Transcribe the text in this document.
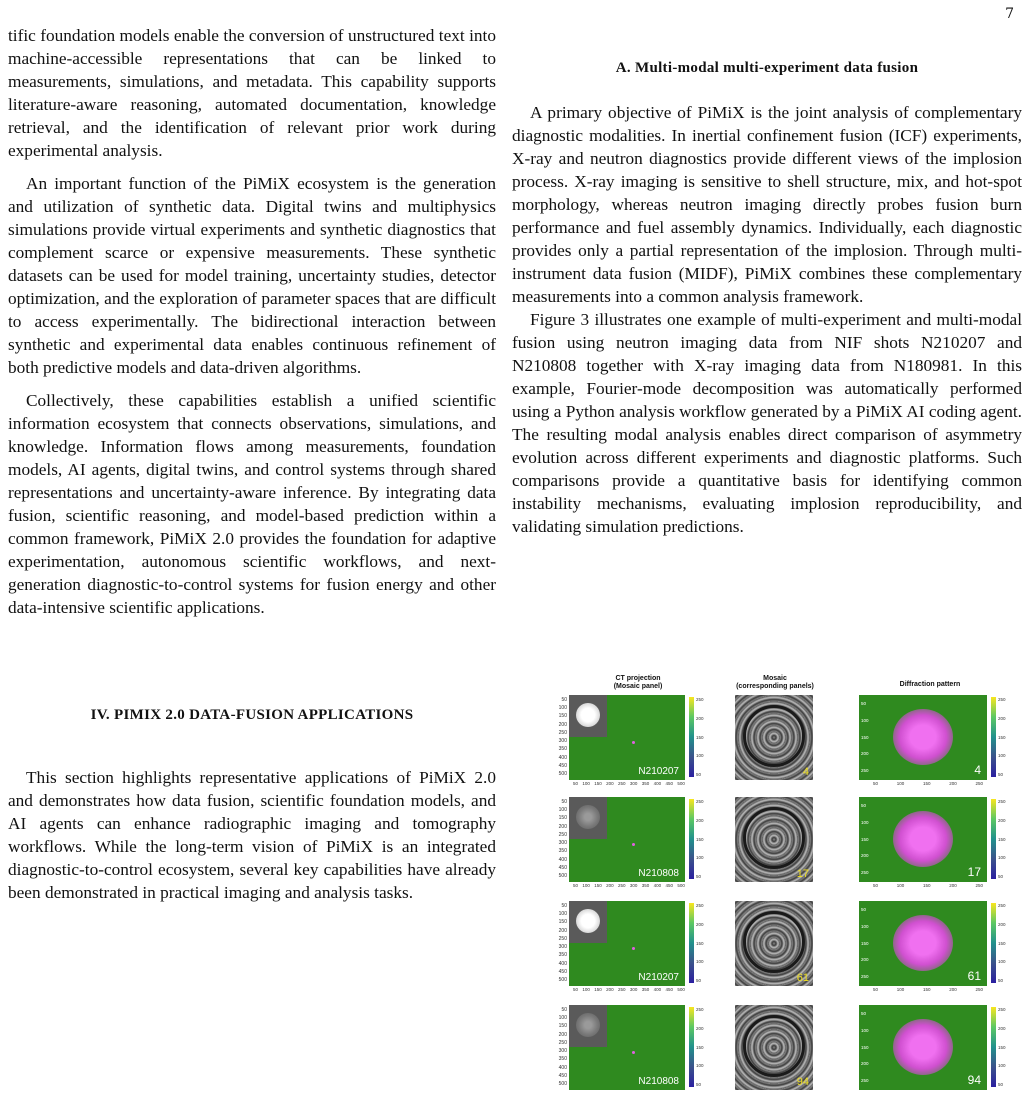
7

tific foundation models enable the conversion of unstructured text into machine-accessible representations that can be linked to measurements, simulations, and metadata. This capability supports literature-aware reasoning, automated documentation, knowledge retrieval, and the identification of relevant prior work during experimental analysis.

An important function of the PiMiX ecosystem is the generation and utilization of synthetic data. Digital twins and multiphysics simulations provide virtual experiments and synthetic diagnostics that complement scarce or expensive measurements. These synthetic datasets can be used for model training, uncertainty studies, detector optimization, and the exploration of parameter spaces that are difficult to access experimentally. The bidirectional interaction between synthetic and experimental data enables continuous refinement of both predictive models and data-driven algorithms.

Collectively, these capabilities establish a unified scientific information ecosystem that connects observations, simulations, and knowledge. Information flows among measurements, foundation models, AI agents, digital twins, and control systems through shared representations and uncertainty-aware inference. By integrating data fusion, scientific reasoning, and model-based prediction within a common framework, PiMiX 2.0 provides the foundation for adaptive experimentation, autonomous scientific workflows, and next-generation diagnostic-to-control systems for fusion energy and other data-intensive scientific applications.

IV. PIMIX 2.0 DATA-FUSION APPLICATIONS

This section highlights representative applications of PiMiX 2.0 and demonstrates how data fusion, scientific foundation models, and AI agents can enhance radiographic imaging and tomography workflows. While the long-term vision of PiMiX is an integrated diagnostic-to-control ecosystem, several key capabilities have already been demonstrated in practical imaging and analysis tasks.

A. Multi-modal multi-experiment data fusion

A primary objective of PiMiX is the joint analysis of complementary diagnostic modalities. In inertial confinement fusion (ICF) experiments, X-ray and neutron diagnostics provide different views of the implosion process. X-ray imaging is sensitive to shell structure, mix, and hot-spot morphology, whereas neutron imaging directly probes fusion burn performance and fuel assembly dynamics. Individually, each diagnostic provides only a partial representation of the implosion. Through multi-instrument data fusion (MIDF), PiMiX combines these complementary measurements into a common analysis framework.

Figure 3 illustrates one example of multi-experiment and multi-modal fusion using neutron imaging data from NIF shots N210207 and N210808 together with X-ray imaging data from N180981. In this example, Fourier-mode decomposition was automatically performed using a Python analysis workflow generated by a PiMiX AI coding agent. The resulting modal analysis enables direct comparison of asymmetry evolution across different experiments and diagnostic platforms. Such comparisons provide a quantitative basis for identifying common instability mechanisms, evaluating implosion reproducibility, and validating simulation predictions.

CT projection
(Mosaic panel)
Mosaic
(corresponding panels)	Diffraction pattern
50
100
150
200
250
300
350
400
450
500	N210207
250
200
150
100
50	4
50
100
150
200
250	4
250
200
150
100
50
50 100 150 200 250 300 350 400 450 500	50	100	150	200	250
50
100
150
200
250
300
350
400
450
500	N210808
250
200
150
100
50	17
50
100
150
200
250	17
250
200
150
100
50
50 100 150 200 250 300 350 400 450 500	50	100	150	200	250
50
100
150
200
250
300
350
400
450
500	N210207
250
200
150
100
50	61
50
100
150
200
250	61
250
200
150
100
50
50 100 150 200 250 300 350 400 450 500	50	100	150	200	250
50
100
150
200
250
300
350
400
450
500	N210808
250
200
150
100
50	94
50
100
150
200
250	94
250
200
150
100
50
